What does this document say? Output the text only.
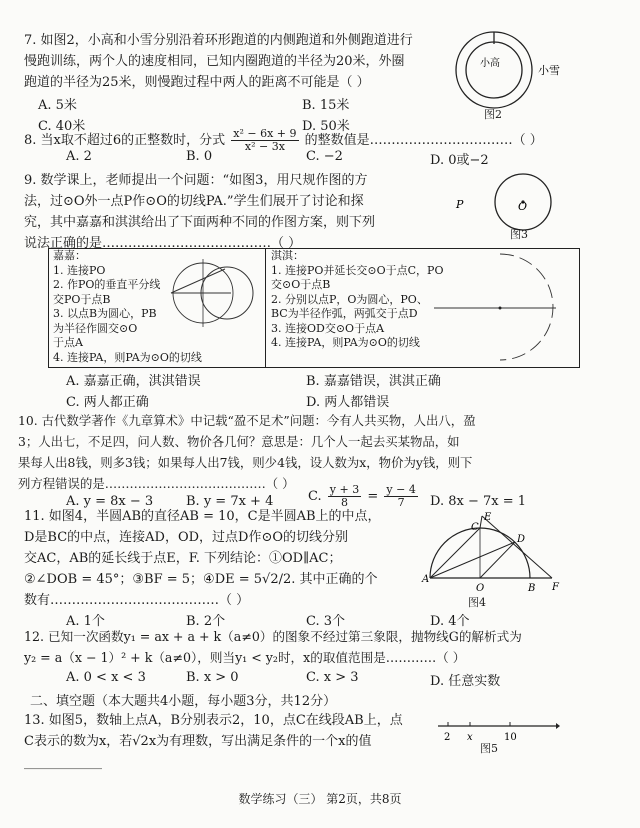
7. 如图2，小高和小雪分别沿着环形跑道的内侧跑道和外侧跑道进行
慢跑训练，两个人的速度相同，已知内圈跑道的半径为20米，外圈
跑道的半径为25米，则慢跑过程中两人的距离不可能是（ ）
A. 5米	B. 15米
C. 40米	D. 50米
小高
小雪
图2
8. 当x取不超过6的正整数时，分式 $\frac{\text{x² − 6x + 9}}{\text{x² − 3x}}$ 的整数值是……………………………（ ）
A. 2	B. 0	C. −2	D. 0或−2
9. 数学课上，老师提出一个问题：“如图3，用尺规作图的方
法，过⊙O外一点P作⊙O的切线PA.”学生们展开了讨论和探
究，其中嘉嘉和淇淇给出了下面两种不同的作图方案，则下列
说法正确的是…………………………………（ ）
O
P
图3
嘉嘉：
1. 连接PO
2. 作PO的垂直平分线
交PO于点B
3. 以点B为圆心，PB
为半径作圆交⊙O
于点A
4. 连接PA，则PA为⊙O的切线
淇淇：
1. 连接PO并延长交⊙O于点C，PO
交⊙O于点B
2. 分别以点P，O为圆心，PO、
BC为半径作弧，两弧交于点D
3. 连接OD交⊙O于点A
4. 连接PA，则PA为⊙O的切线
A. 嘉嘉正确，淇淇错误	B. 嘉嘉错误，淇淇正确
C. 两人都正确	D. 两人都错误
10. 古代数学著作《九章算术》中记载“盈不足术”问题：今有人共买物，人出八，盈
3；人出七，不足四，问人数、物价各几何？意思是：几个人一起去买某物品，如
果每人出8钱，则多3钱；如果每人出7钱，则少4钱，设人数为x，物价为y钱，则下
列方程错误的是…………………………………（ ）
A. y = 8x − 3	B. y = 7x + 4	C. $\frac{y + 3}{8} = \frac{y - 4}{7} D$. 8x − 7x = 1
11. 如图4，半圆AB的直径AB = 10，C是半圆AB上的中点，
D是BC的中点，连接AD，OD，过点D作⊙O的切线分别
交AC，AB的延长线于点E，F. 下列结论：①OD∥AC；
②∠DOB = 45°；③BF = 5；④DE = 5√2/2. 其中正确的个
数有…………………………………（ ）
A. 1个	B. 2个	C. 3个	D. 4个
A
O	B F
C
D
E
图4
12. 已知一次函数y₁ = ax + a + k（a≠0）的图象不经过第三象限，抛物线G的解析式为
y₂ = a（x − 1）² + k（a≠0），则当y₁ < y₂时，x的取值范围是…………（ ）
A. 0 < x < 3	B. x > 0	C. x > 3	D. 任意实数
二、填空题（本大题共4小题，每小题3分，共12分）
13. 如图5，数轴上点A，B分别表示2，10，点C在线段AB上，点
C表示的数为x，若√2x为有理数，写出满足条件的一个x的值
____________
2 x	10
图5
数学练习（三） 第2页，共8页
